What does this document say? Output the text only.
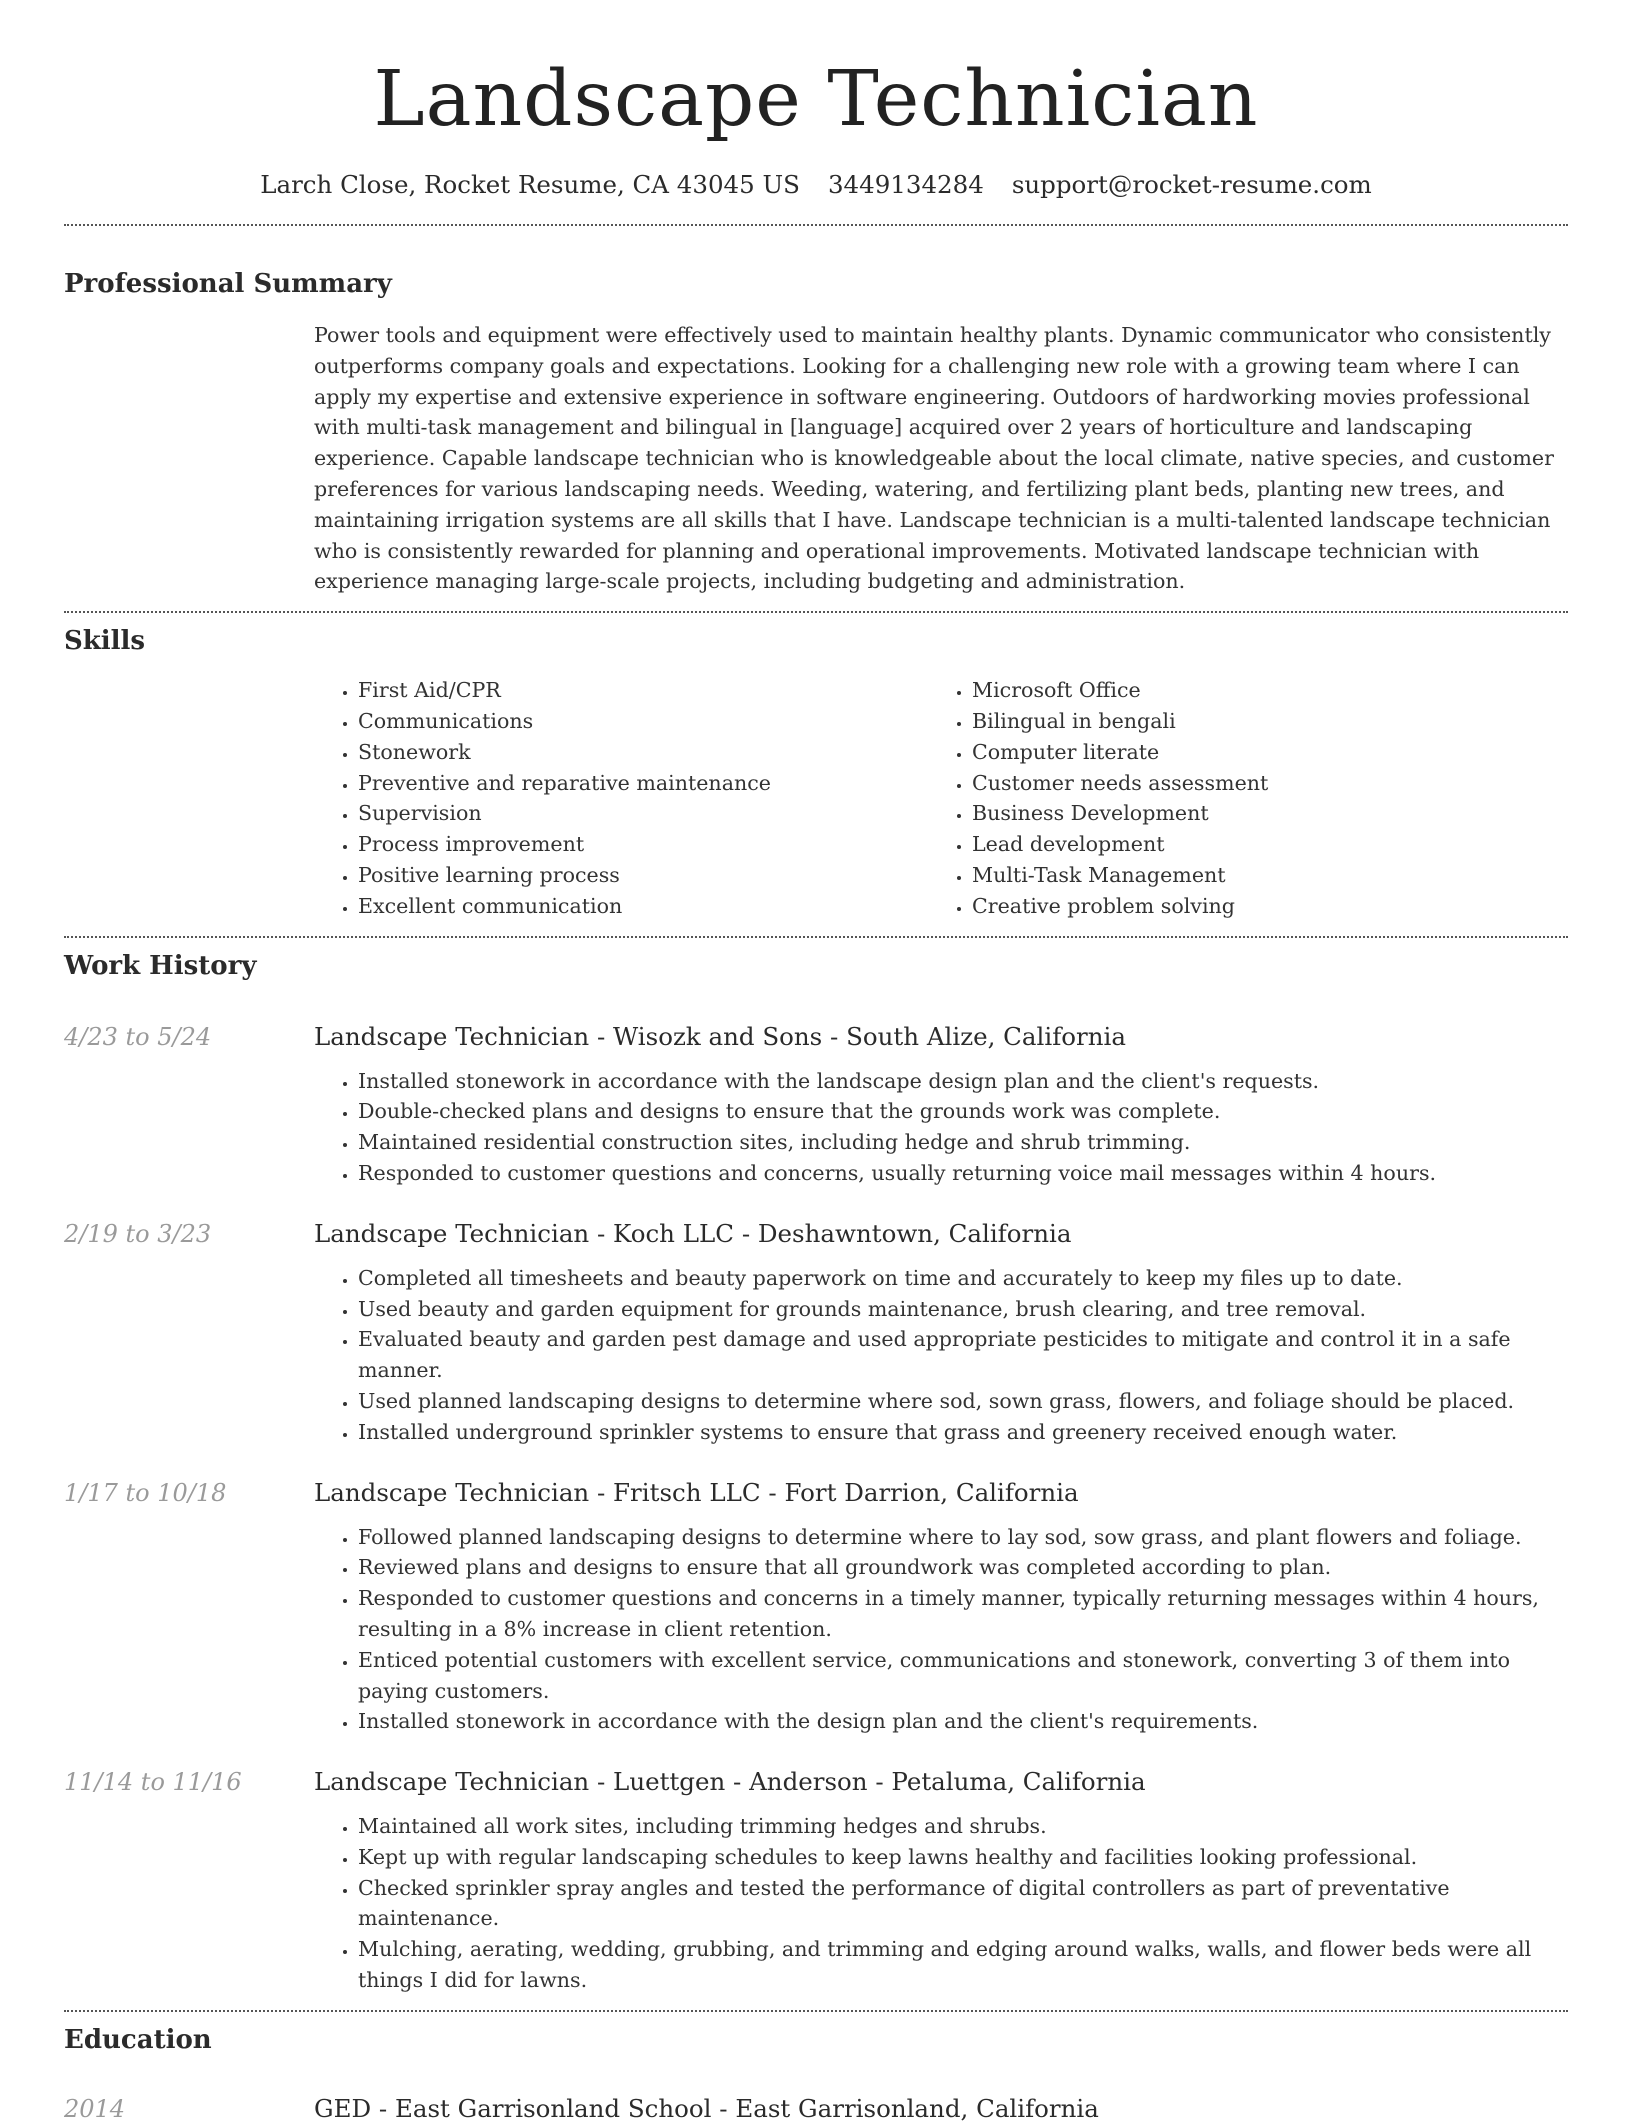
Landscape Technician
Larch Close, Rocket Resume, CA 43045 US 3449134284 support@rocket-resume.com
Professional Summary

Power tools and equipment were effectively used to maintain healthy plants. Dynamic communicator who consistently outperforms company goals and expectations. Looking for a challenging new role with a growing team where I can apply my expertise and extensive experience in software engineering. Outdoors of hardworking movies professional with multi-task management and bilingual in [language] acquired over 2 years of horticulture and landscaping experience. Capable landscape technician who is knowledgeable about the local climate, native species, and customer preferences for various landscaping needs. Weeding, watering, and fertilizing plant beds, planting new trees, and maintaining irrigation systems are all skills that I have. Landscape technician is a multi-talented landscape technician who is consistently rewarded for planning and operational improvements. Motivated landscape technician with experience managing large-scale projects, including budgeting and administration.

Skills
• First Aid/CPR
• Communications
• Stonework
• Preventive and reparative maintenance
• Supervision
• Process improvement
• Positive learning process
• Excellent communication
• Microsoft Office
• Bilingual in bengali
• Computer literate
• Customer needs assessment
• Business Development
• Lead development
• Multi-Task Management
• Creative problem solving
Work History
4/23 to 5/24	Landscape Technician - Wisozk and Sons - South Alize, California
• Installed stonework in accordance with the landscape design plan and the client's requests.
• Double-checked plans and designs to ensure that the grounds work was complete.
• Maintained residential construction sites, including hedge and shrub trimming.
• Responded to customer questions and concerns, usually returning voice mail messages within 4 hours.
2/19 to 3/23	Landscape Technician - Koch LLC - Deshawntown, California
• Completed all timesheets and beauty paperwork on time and accurately to keep my files up to date.
• Used beauty and garden equipment for grounds maintenance, brush clearing, and tree removal.
• Evaluated beauty and garden pest damage and used appropriate pesticides to mitigate and control it in a safe manner.
• Used planned landscaping designs to determine where sod, sown grass, flowers, and foliage should be placed.
• Installed underground sprinkler systems to ensure that grass and greenery received enough water.
1/17 to 10/18	Landscape Technician - Fritsch LLC - Fort Darrion, California
• Followed planned landscaping designs to determine where to lay sod, sow grass, and plant flowers and foliage.
• Reviewed plans and designs to ensure that all groundwork was completed according to plan.
• Responded to customer questions and concerns in a timely manner, typically returning messages within 4 hours, resulting in a 8% increase in client retention.
• Enticed potential customers with excellent service, communications and stonework, converting 3 of them into paying customers.
• Installed stonework in accordance with the design plan and the client's requirements.
11/14 to 11/16	Landscape Technician - Luettgen - Anderson - Petaluma, California
• Maintained all work sites, including trimming hedges and shrubs.
• Kept up with regular landscaping schedules to keep lawns healthy and facilities looking professional.
• Checked sprinkler spray angles and tested the performance of digital controllers as part of preventative maintenance.
• Mulching, aerating, wedding, grubbing, and trimming and edging around walks, walls, and flower beds were all things I did for lawns.
Education
2014	GED - East Garrisonland School - East Garrisonland, California
